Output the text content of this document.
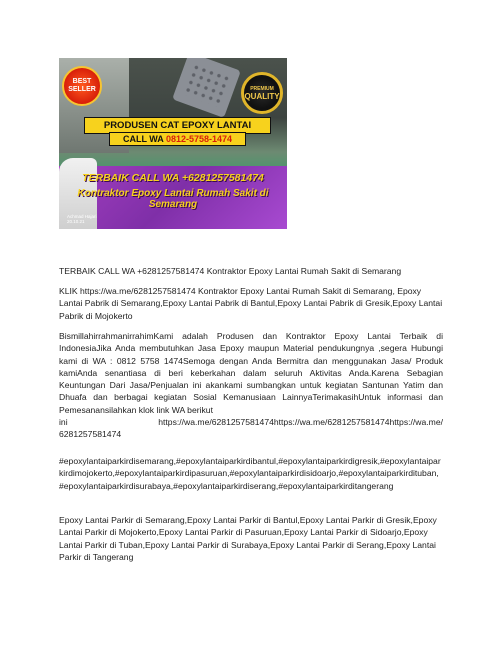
BEST
SELLER	PREMIUM
QUALITY
PRODUSEN CAT EPOXY LANTAI
CALL WA 0812-5758-1474
TERBAIK CALL WA +6281257581474
Kontraktor Epoxy Lantai Rumah Sakit di Semarang
Achmad Hajari
20.10.21

TERBAIK CALL WA +6281257581474 Kontraktor Epoxy Lantai Rumah Sakit di Semarang

KLIK https://wa.me/6281257581474 Kontraktor Epoxy Lantai Rumah Sakit di Semarang, Epoxy Lantai Pabrik di Semarang,Epoxy Lantai Pabrik di Bantul,Epoxy Lantai Pabrik di Gresik,Epoxy Lantai Pabrik di Mojokerto

BismillahirrahmanirrahimKami adalah Produsen dan Kontraktor Epoxy Lantai Terbaik di IndonesiaJika Anda membutuhkan Jasa Epoxy maupun Material pendukungnya ,segera Hubungi kami di WA : 0812 5758 1474Semoga dengan Anda Bermitra dan menggunakan Jasa/ Produk kamiAnda senantiasa di beri keberkahan dalam seluruh Aktivitas Anda.Karena Sebagian Keuntungan Dari Jasa/Penjualan ini akankami sumbangkan untuk kegiatan Santunan Yatim dan Dhuafa dan berbagai kegiatan Sosial Kemanusiaan LainnyaTerimakasihUntuk informasi dan Pemesanansilahkan klok link WA berikut
ini	https://wa.me/6281257581474https://wa.me/6281257581474https://wa.me/
6281257581474

#epoxylantaiparkirdisemarang,#epoxylantaiparkirdibantul,#epoxylantaiparkirdigresik,#epoxylantaiparkirdimojokerto,#epoxylantaiparkirdipasuruan,#epoxylantaiparkirdisidoarjo,#epoxylantaiparkirdituban,#epoxylantaiparkirdisurabaya,#epoxylantaiparkirdiserang,#epoxylantaiparkirditangerang

Epoxy Lantai Parkir di Semarang,Epoxy Lantai Parkir di Bantul,Epoxy Lantai Parkir di Gresik,Epoxy Lantai Parkir di Mojokerto,Epoxy Lantai Parkir di Pasuruan,Epoxy Lantai Parkir di Sidoarjo,Epoxy Lantai Parkir di Tuban,Epoxy Lantai Parkir di Surabaya,Epoxy Lantai Parkir di Serang,Epoxy Lantai Parkir di Tangerang
